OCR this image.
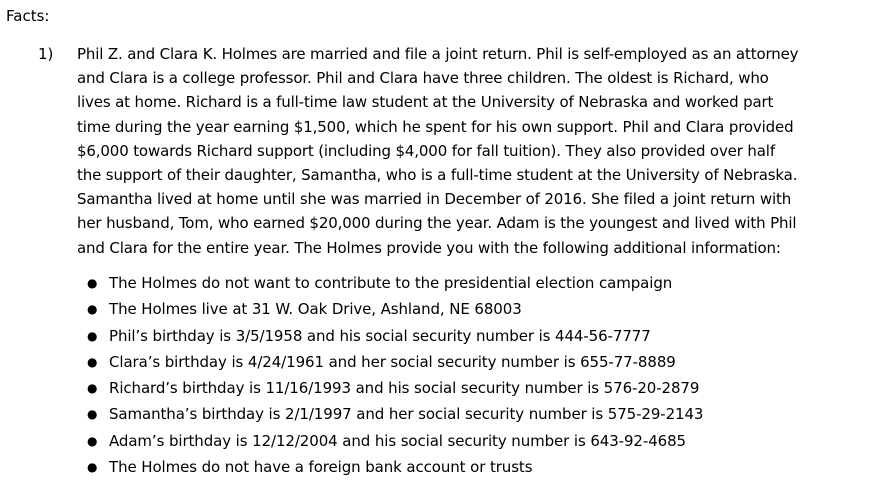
Facts:
1) Phil Z. and Clara K. Holmes are married and file a joint return. Phil is self-employed as an attorney
and Clara is a college professor. Phil and Clara have three children. The oldest is Richard, who
lives at home. Richard is a full-time law student at the University of Nebraska and worked part
time during the year earning $1,500, which he spent for his own support. Phil and Clara provided
$6,000 towards Richard support (including $4,000 for fall tuition). They also provided over half
the support of their daughter, Samantha, who is a full-time student at the University of Nebraska.
Samantha lived at home until she was married in December of 2016. She filed a joint return with
her husband, Tom, who earned $20,000 during the year. Adam is the youngest and lived with Phil
and Clara for the entire year. The Holmes provide you with the following additional information:
● The Holmes do not want to contribute to the presidential election campaign
● The Holmes live at 31 W. Oak Drive, Ashland, NE 68003
● Phil’s birthday is 3/5/1958 and his social security number is 444-56-7777
● Clara’s birthday is 4/24/1961 and her social security number is 655-77-8889
● Richard’s birthday is 11/16/1993 and his social security number is 576-20-2879
● Samantha’s birthday is 2/1/1997 and her social security number is 575-29-2143
● Adam’s birthday is 12/12/2004 and his social security number is 643-92-4685
● The Holmes do not have a foreign bank account or trusts
